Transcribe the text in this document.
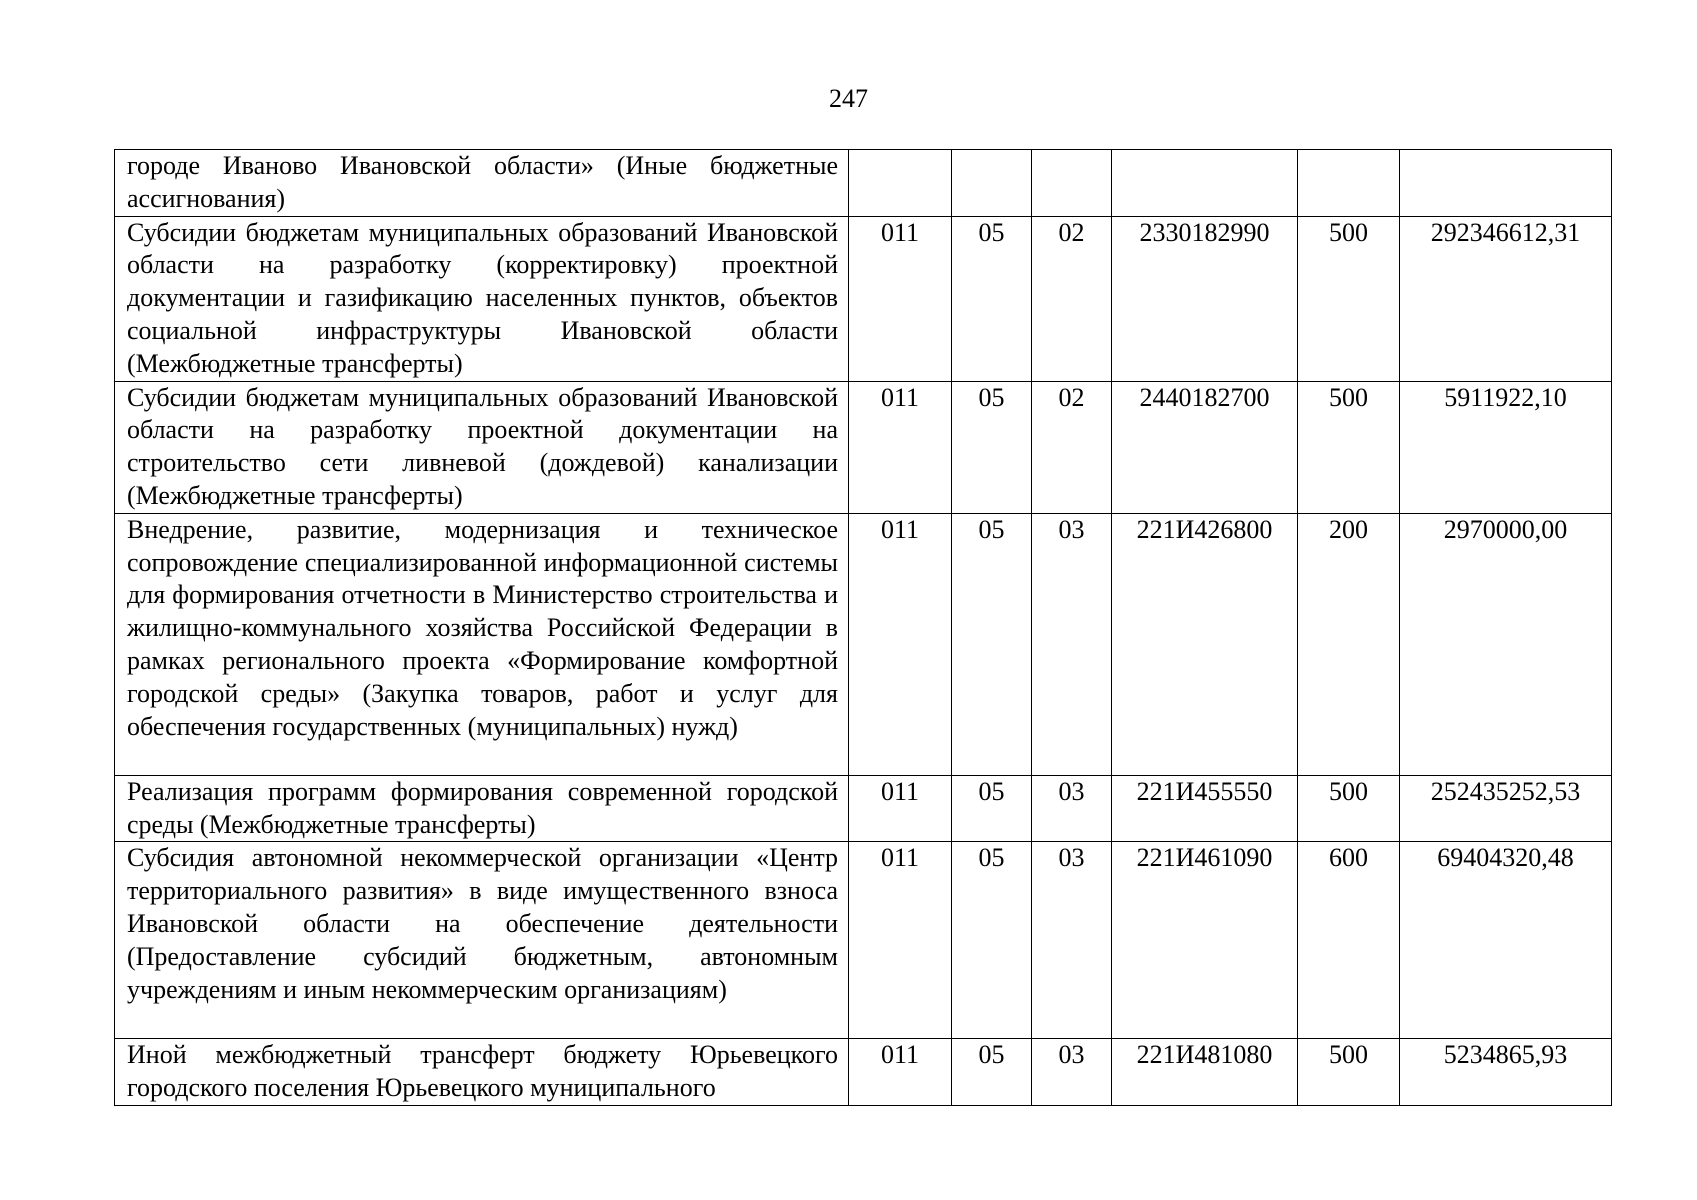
247
городе Иваново Ивановской области» (Иные бюджетные ассигнования)						
Субсидии бюджетам муниципальных образований Ивановской области на разработку (корректировку) проектной документации и газификацию населенных пунктов, объектов социальной инфраструктуры Ивановской области (Межбюджетные трансферты)	011	05	02	2330182990	500	292346612,31
Субсидии бюджетам муниципальных образований Ивановской области на разработку проектной документации на строительство сети ливневой (дождевой) канализации (Межбюджетные трансферты)	011	05	02	2440182700	500	5911922,10
Внедрение, развитие, модернизация и техническое сопровождение специализированной информационной системы для формирования отчетности в Министерство строительства и жилищно-коммунального хозяйства Российской Федерации в рамках регионального проекта «Формирование комфортной городской среды» (Закупка товаров, работ и услуг для обеспечения государственных (муниципальных) нужд)	011	05	03	221И426800	200	2970000,00
Реализация программ формирования современной городской среды (Межбюджетные трансферты)	011	05	03	221И455550	500	252435252,53
Субсидия автономной некоммерческой организации «Центр территориального развития» в виде имущественного взноса Ивановской области на обеспечение деятельности (Предоставление субсидий бюджетным, автономным учреждениям и иным некоммерческим организациям)	011	05	03	221И461090	600	69404320,48
Иной межбюджетный трансферт бюджету Юрьевецкого городского поселения Юрьевецкого муниципального	011	05	03	221И481080	500	5234865,93
